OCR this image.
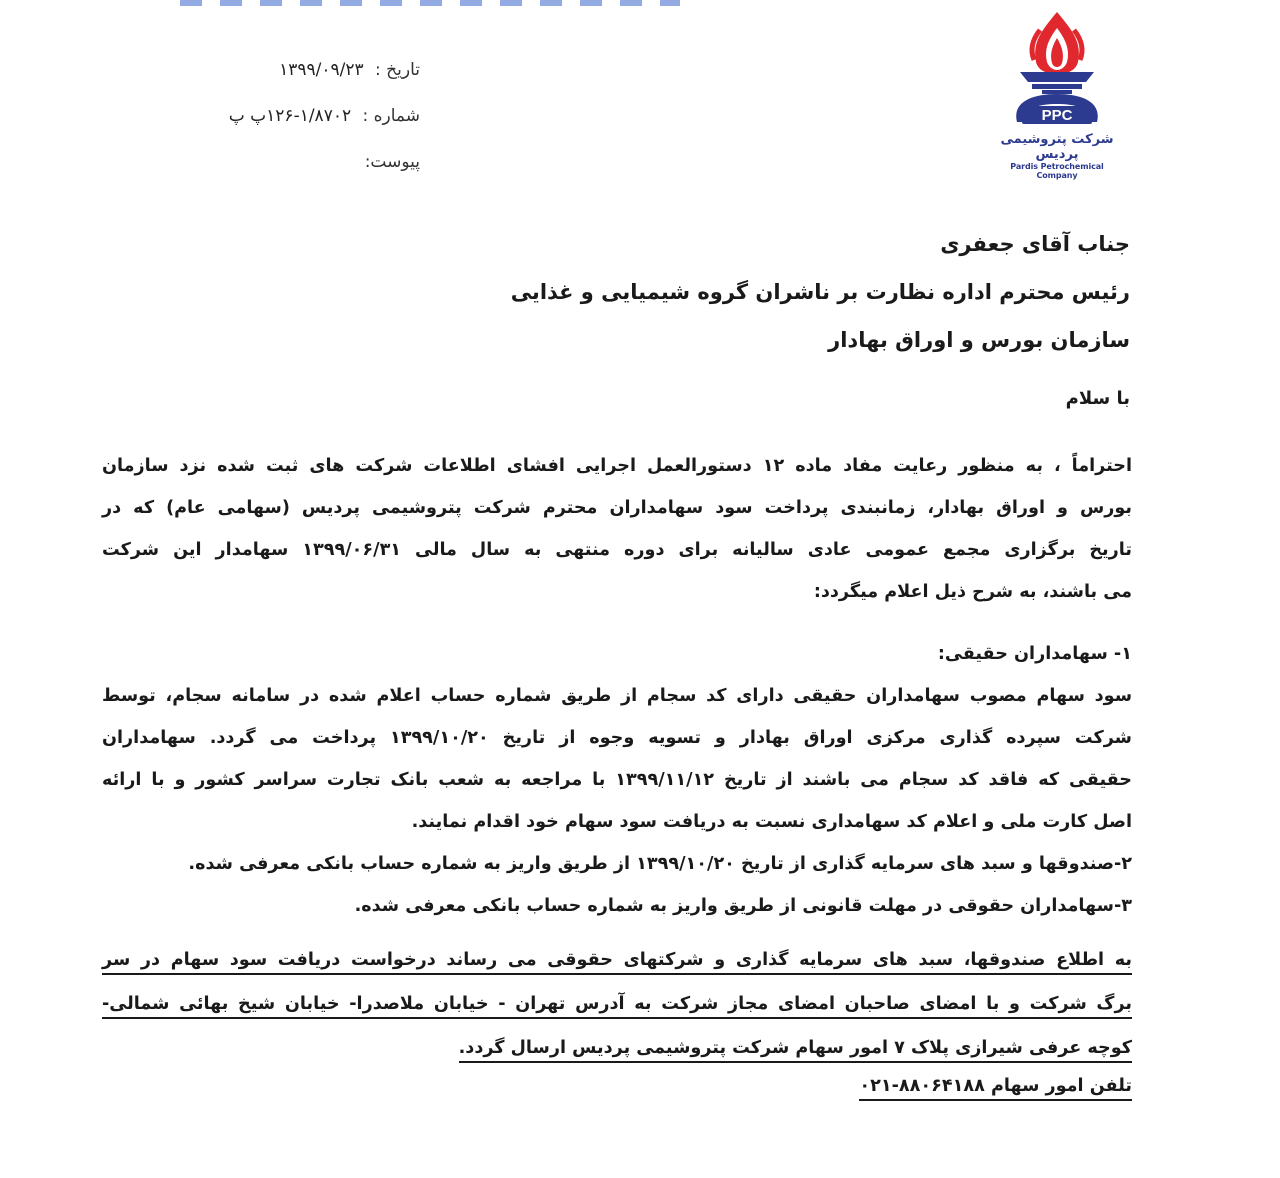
PPC
شرکت پتروشیمی پردیس
Pardis Petrochemical Company
تاریخ : ۱۳۹۹/۰۹/۲۳
شماره : ۱/۸۷۰۲-۱۲۶پ پ
پیوست:
جناب آقای جعفری
رئیس محترم اداره نظارت بر ناشران گروه شیمیایی و غذایی
سازمان بورس و اوراق بهادار
با سلام
احتراماً ، به منظور رعایت مفاد ماده ۱۲ دستورالعمل اجرایی افشای اطلاعات شرکت های ثبت شده نزد سازمان
بورس و اوراق بهادار، زمانبندی پرداخت سود سهامداران محترم شرکت پتروشیمی پردیس (سهامی عام) که در
تاریخ برگزاری مجمع عمومی عادی سالیانه برای دوره منتهی به سال مالی ۱۳۹۹/۰۶/۳۱ سهامدار این شرکت
می باشند، به شرح ذیل اعلام میگردد:
۱- سهامداران حقیقی:
سود سهام مصوب سهامداران حقیقی دارای کد سجام از طریق شماره حساب اعلام شده در سامانه سجام، توسط
شرکت سپرده گذاری مرکزی اوراق بهادار و تسویه وجوه از تاریخ ۱۳۹۹/۱۰/۲۰ پرداخت می گردد. سهامداران
حقیقی که فاقد کد سجام می باشند از تاریخ ۱۳۹۹/۱۱/۱۲ با مراجعه به شعب بانک تجارت سراسر کشور و با ارائه
اصل کارت ملی و اعلام کد سهامداری نسبت به دریافت سود سهام خود اقدام نمایند.
۲-صندوقها و سبد های سرمایه گذاری از تاریخ ۱۳۹۹/۱۰/۲۰ از طریق واریز به شماره حساب بانکی معرفی شده.
۳-سهامداران حقوقی در مهلت قانونی از طریق واریز به شماره حساب بانکی معرفی شده.
به اطلاع صندوقها، سبد های سرمایه گذاری و شرکتهای حقوقی می رساند درخواست دریافت سود سهام در سر
برگ شرکت و با امضای صاحبان امضای مجاز شرکت به آدرس تهران - خیابان ملاصدرا- خیابان شیخ بهائی شمالی-
کوچه عرفی شیرازی پلاک ۷ امور سهام شرکت پتروشیمی پردیس ارسال گردد.
تلفن امور سهام ۸۸۰۶۴۱۸۸-۰۲۱
